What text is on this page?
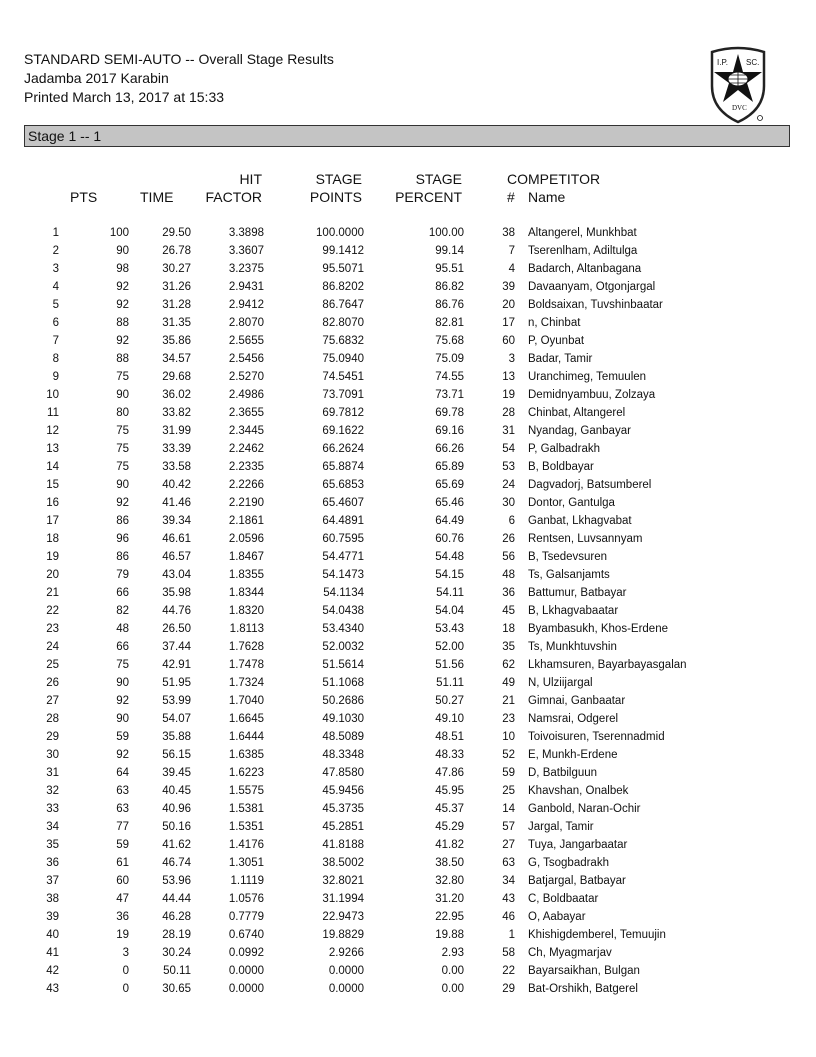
STANDARD SEMI-AUTO -- Overall Stage Results
Jadamba 2017 Karabin
Printed March 13, 2017 at 15:33
I.P. SC.
DVC
Stage 1 -- 1
PTS	TIME
HIT
FACTOR
STAGE
POINTS
STAGE
PERCENT
COMPETITOR
# Name
1	100	29.50	3.3898	100.0000	100.00	38 Altangerel, Munkhbat
2	90	26.78	3.3607	99.1412	99.14	7 Tserenlham, Adiltulga
3	98	30.27	3.2375	95.5071	95.51	4 Badarch, Altanbagana
4	92	31.26	2.9431	86.8202	86.82	39 Davaanyam, Otgonjargal
5	92	31.28	2.9412	86.7647	86.76	20 Boldsaixan, Tuvshinbaatar
6	88	31.35	2.8070	82.8070	82.81	17 n, Chinbat
7	92	35.86	2.5655	75.6832	75.68	60 P, Oyunbat
8	88	34.57	2.5456	75.0940	75.09	3 Badar, Tamir
9	75	29.68	2.5270	74.5451	74.55	13 Uranchimeg, Temuulen
10	90	36.02	2.4986	73.7091	73.71	19 Demidnyambuu, Zolzaya
11	80	33.82	2.3655	69.7812	69.78	28 Chinbat, Altangerel
12	75	31.99	2.3445	69.1622	69.16	31 Nyandag, Ganbayar
13	75	33.39	2.2462	66.2624	66.26	54 P, Galbadrakh
14	75	33.58	2.2335	65.8874	65.89	53 B, Boldbayar
15	90	40.42	2.2266	65.6853	65.69	24 Dagvadorj, Batsumberel
16	92	41.46	2.2190	65.4607	65.46	30 Dontor, Gantulga
17	86	39.34	2.1861	64.4891	64.49	6 Ganbat, Lkhagvabat
18	96	46.61	2.0596	60.7595	60.76	26 Rentsen, Luvsannyam
19	86	46.57	1.8467	54.4771	54.48	56 B, Tsedevsuren
20	79	43.04	1.8355	54.1473	54.15	48 Ts, Galsanjamts
21	66	35.98	1.8344	54.1134	54.11	36 Battumur, Batbayar
22	82	44.76	1.8320	54.0438	54.04	45 B, Lkhagvabaatar
23	48	26.50	1.8113	53.4340	53.43	18 Byambasukh, Khos-Erdene
24	66	37.44	1.7628	52.0032	52.00	35 Ts, Munkhtuvshin
25	75	42.91	1.7478	51.5614	51.56	62 Lkhamsuren, Bayarbayasgalan
26	90	51.95	1.7324	51.1068	51.11	49 N, Ulziijargal
27	92	53.99	1.7040	50.2686	50.27	21 Gimnai, Ganbaatar
28	90	54.07	1.6645	49.1030	49.10	23 Namsrai, Odgerel
29	59	35.88	1.6444	48.5089	48.51	10 Toivoisuren, Tserennadmid
30	92	56.15	1.6385	48.3348	48.33	52 E, Munkh-Erdene
31	64	39.45	1.6223	47.8580	47.86	59 D, Batbilguun
32	63	40.45	1.5575	45.9456	45.95	25 Khavshan, Onalbek
33	63	40.96	1.5381	45.3735	45.37	14 Ganbold, Naran-Ochir
34	77	50.16	1.5351	45.2851	45.29	57 Jargal, Tamir
35	59	41.62	1.4176	41.8188	41.82	27 Tuya, Jangarbaatar
36	61	46.74	1.3051	38.5002	38.50	63 G, Tsogbadrakh
37	60	53.96	1.1119	32.8021	32.80	34 Batjargal, Batbayar
38	47	44.44	1.0576	31.1994	31.20	43 C, Boldbaatar
39	36	46.28	0.7779	22.9473	22.95	46 O, Aabayar
40	19	28.19	0.6740	19.8829	19.88	1 Khishigdemberel, Temuujin
41	3	30.24	0.0992	2.9266	2.93	58 Ch, Myagmarjav
42	0	50.11	0.0000	0.0000	0.00	22 Bayarsaikhan, Bulgan
43	0	30.65	0.0000	0.0000	0.00	29 Bat-Orshikh, Batgerel
